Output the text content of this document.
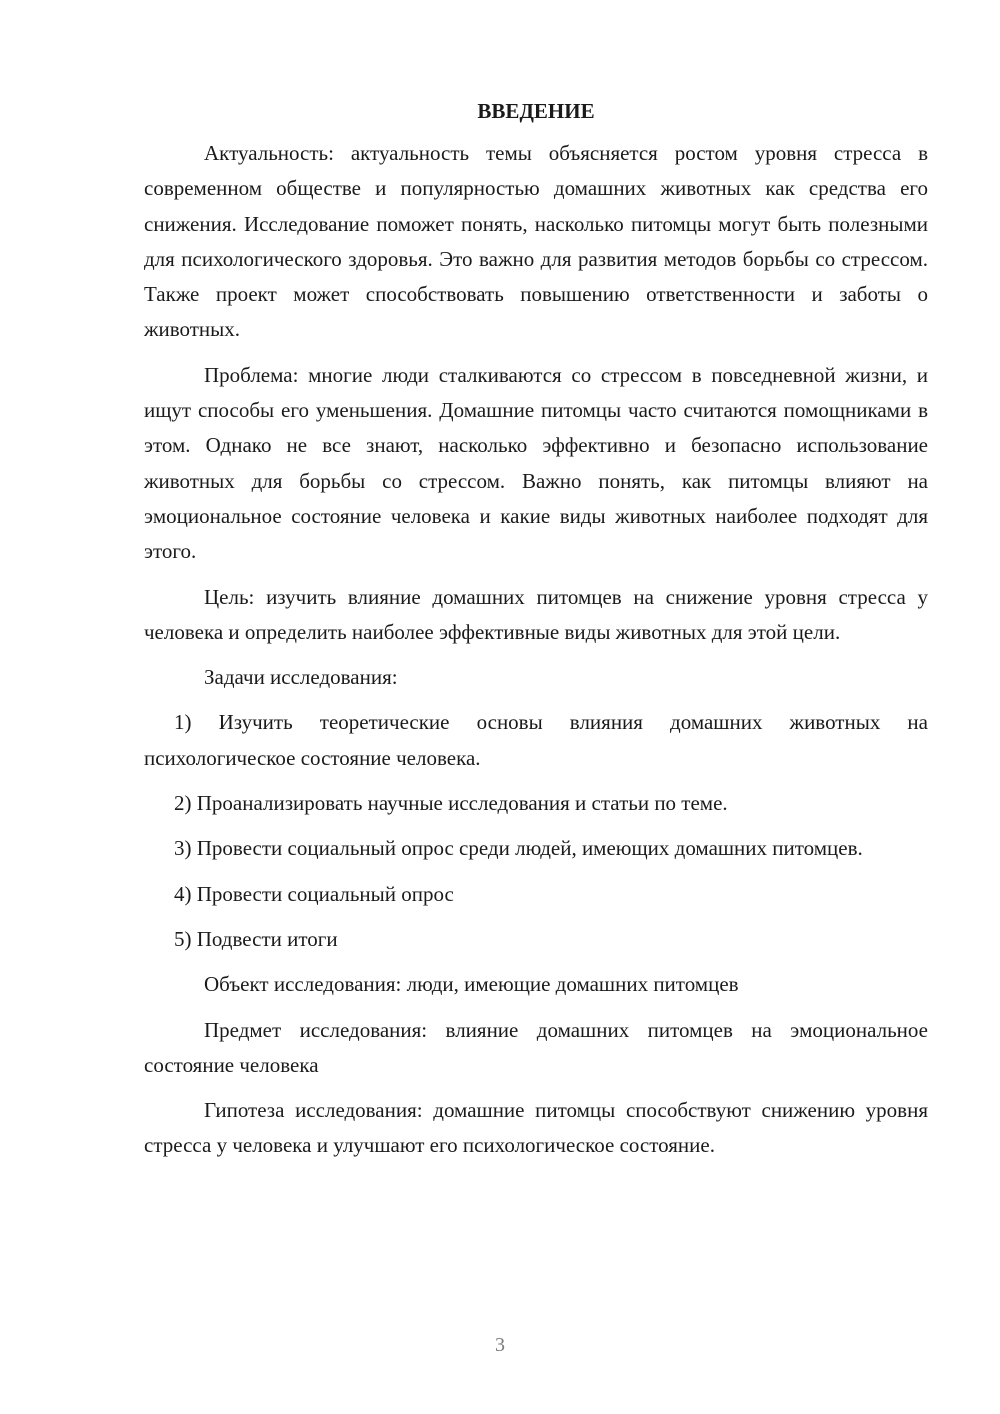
ВВЕДЕНИЕ

Актуальность: актуальность темы объясняется ростом уровня стресса в современном обществе и популярностью домашних животных как средства его снижения. Исследование поможет понять, насколько питомцы могут быть полезными для психологического здоровья. Это важно для развития методов борьбы со стрессом. Также проект может способствовать повышению ответственности и заботы о животных.

Проблема: многие люди сталкиваются со стрессом в повседневной жизни, и ищут способы его уменьшения. Домашние питомцы часто считаются помощниками в этом. Однако не все знают, насколько эффективно и безопасно использование животных для борьбы со стрессом. Важно понять, как питомцы влияют на эмоциональное состояние человека и какие виды животных наиболее подходят для этого.

Цель: изучить влияние домашних питомцев на снижение уровня стресса у человека и определить наиболее эффективные виды животных для этой цели.

Задачи исследования:

1) Изучить теоретические основы влияния домашних животных на психологическое состояние человека.

2) Проанализировать научные исследования и статьи по теме.

3) Провести социальный опрос среди людей, имеющих домашних питомцев.

4) Провести социальный опрос

5) Подвести итоги

Объект исследования: люди, имеющие домашних питомцев

Предмет исследования: влияние домашних питомцев на эмоциональное состояние человека

Гипотеза исследования: домашние питомцы способствуют снижению уровня стресса у человека и улучшают его психологическое состояние.

3
